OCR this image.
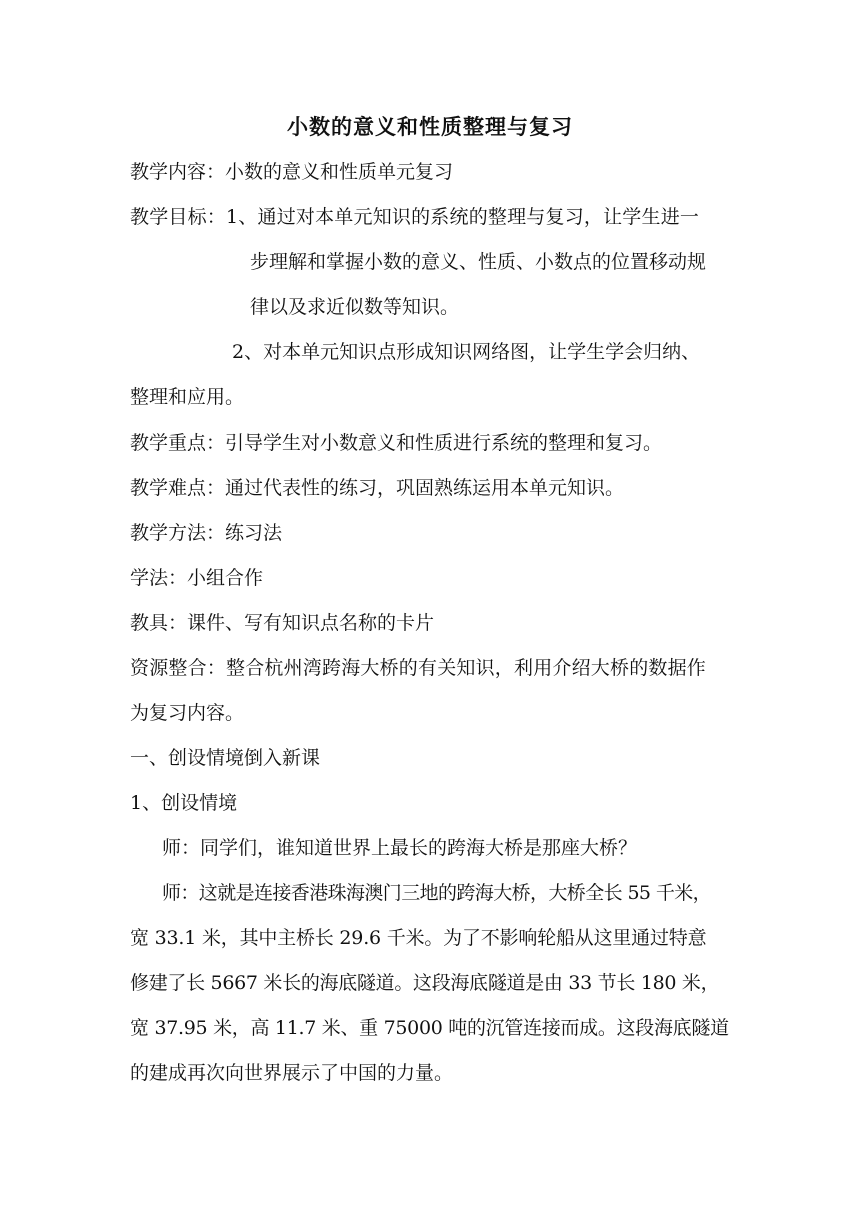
小数的意义和性质整理与复习
教学内容：小数的意义和性质单元复习
教学目标：1、通过对本单元知识的系统的整理与复习，让学生进一
步理解和掌握小数的意义、性质、小数点的位置移动规
律以及求近似数等知识。
2、对本单元知识点形成知识网络图，让学生学会归纳、
整理和应用。
教学重点：引导学生对小数意义和性质进行系统的整理和复习。
教学难点：通过代表性的练习，巩固熟练运用本单元知识。
教学方法：练习法
学法：小组合作
教具：课件、写有知识点名称的卡片
资源整合：整合杭州湾跨海大桥的有关知识，利用介绍大桥的数据作
为复习内容。
一、创设情境倒入新课
1、创设情境
师：同学们，谁知道世界上最长的跨海大桥是那座大桥？
师：这就是连接香港珠海澳门三地的跨海大桥，大桥全长 55 千米，
宽 33.1 米，其中主桥长 29.6 千米。为了不影响轮船从这里通过特意
修建了长 5667 米长的海底隧道。这段海底隧道是由 33 节长 180 米，
宽 37.95 米，高 11.7 米、重 75000 吨的沉管连接而成。这段海底隧道
的建成再次向世界展示了中国的力量。
